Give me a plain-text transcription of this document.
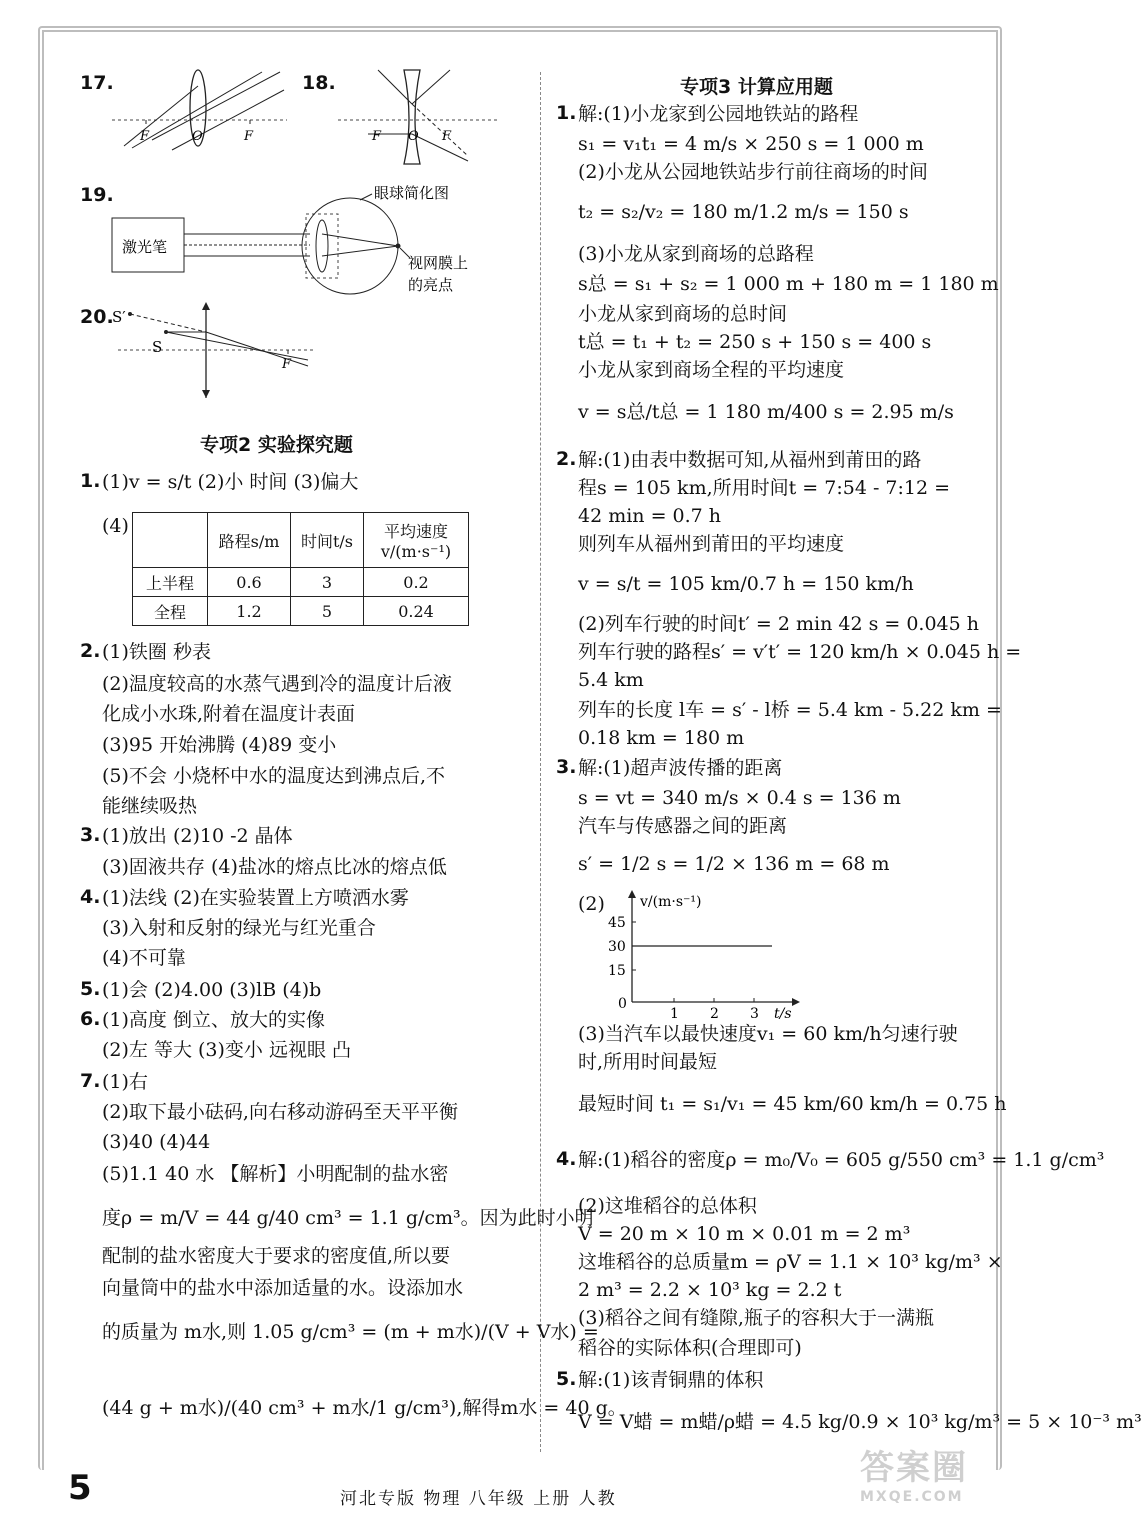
17.
F	O	F
18.
F O F
19.
激光笔
眼球简化图
视网膜上
的亮点
20.
S′
S
F
专项2 实验探究题
1. (1)v = s/t (2)小 时间 (3)偏大
(4)
	路程s/m	时间t/s	平均速度 v/(m·s⁻¹)
上半程	0.6	3	0.2
全程	1.2	5	0.24
2. (1)铁圈 秒表
(2)温度较高的水蒸气遇到冷的温度计后液
化成小水珠,附着在温度计表面
(3)95 开始沸腾 (4)89 变小
(5)不会 小烧杯中水的温度达到沸点后,不
能继续吸热
3. (1)放出 (2)10 -2 晶体
(3)固液共存 (4)盐冰的熔点比冰的熔点低
4. (1)法线 (2)在实验装置上方喷洒水雾
(3)入射和反射的绿光与红光重合
(4)不可靠
5. (1)会 (2)4.00 (3)lB (4)b
6. (1)高度 倒立、放大的实像
(2)左 等大 (3)变小 远视眼 凸
7. (1)右
(2)取下最小砝码,向右移动游码至天平平衡
(3)40 (4)44
(5)1.1 40 水 【解析】小明配制的盐水密
度ρ = m/V = 44 g/40 cm³ = 1.1 g/cm³。因为此时小明
配制的盐水密度大于要求的密度值,所以要
向量筒中的盐水中添加适量的水。设添加水
的质量为 m水,则 1.05 g/cm³ = (m + m水)/(V + V水) =
(44 g + m水)/(40 cm³ + m水/1 g/cm³),解得m水 = 40 g。
专项3 计算应用题
1. 解:(1)小龙家到公园地铁站的路程
s₁ = v₁t₁ = 4 m/s × 250 s = 1 000 m
(2)小龙从公园地铁站步行前往商场的时间
t₂ = s₂/v₂ = 180 m/1.2 m/s = 150 s
(3)小龙从家到商场的总路程
s总 = s₁ + s₂ = 1 000 m + 180 m = 1 180 m
小龙从家到商场的总时间
t总 = t₁ + t₂ = 250 s + 150 s = 400 s
小龙从家到商场全程的平均速度
v = s总/t总 = 1 180 m/400 s = 2.95 m/s
2. 解:(1)由表中数据可知,从福州到莆田的路
程s = 105 km,所用时间t = 7:54 - 7:12 =
42 min = 0.7 h
则列车从福州到莆田的平均速度
v = s/t = 105 km/0.7 h = 150 km/h
(2)列车行驶的时间t′ = 2 min 42 s = 0.045 h
列车行驶的路程s′ = v′t′ = 120 km/h × 0.045 h =
5.4 km
列车的长度 l车 = s′ - l桥 = 5.4 km - 5.22 km =
0.18 km = 180 m
3. 解:(1)超声波传播的距离
s = vt = 340 m/s × 0.4 s = 136 m
汽车与传感器之间的距离
s′ = 1/2 s = 1/2 × 136 m = 68 m
(2)	v/(m·s⁻¹)
t/s
45
30
15
0
1 2 3
(3)当汽车以最快速度v₁ = 60 km/h匀速行驶
时,所用时间最短
最短时间 t₁ = s₁/v₁ = 45 km/60 km/h = 0.75 h
4. 解:(1)稻谷的密度ρ = m₀/V₀ = 605 g/550 cm³ = 1.1 g/cm³
(2)这堆稻谷的总体积
V = 20 m × 10 m × 0.01 m = 2 m³
这堆稻谷的总质量m = ρV = 1.1 × 10³ kg/m³ ×
2 m³ = 2.2 × 10³ kg = 2.2 t
(3)稻谷之间有缝隙,瓶子的容积大于一满瓶
稻谷的实际体积(合理即可)
5. 解:(1)该青铜鼎的体积
V = V蜡 = m蜡/ρ蜡 = 4.5 kg/0.9 × 10³ kg/m³ = 5 × 10⁻³ m³
5	河北专版 物理 八年级 上册 人教
答案圈
MXQE.COM
